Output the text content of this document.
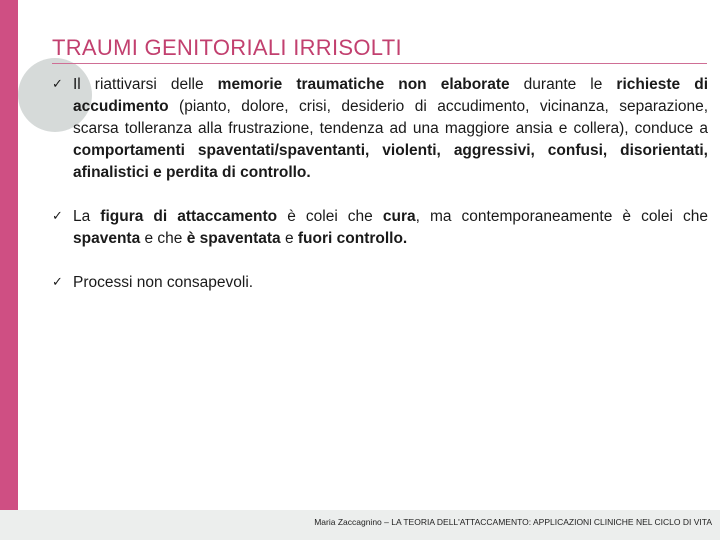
TRAUMI GENITORIALI IRRISOLTI
✓ Il riattivarsi delle memorie traumatiche non elaborate durante le richieste di accudimento (pianto, dolore, crisi, desiderio di accudimento, vicinanza, separazione, scarsa tolleranza alla frustrazione, tendenza ad una maggiore ansia e collera), conduce a comportamenti spaventati/spaventanti, violenti, aggressivi, confusi, disorientati, afinalistici e perdita di controllo.
✓ La figura di attaccamento è colei che cura, ma contemporaneamente è colei che spaventa e che è spaventata e fuori controllo.
✓ Processi non consapevoli.
Maria Zaccagnino – LA TEORIA DELL'ATTACCAMENTO: APPLICAZIONI CLINICHE NEL CICLO DI VITA
